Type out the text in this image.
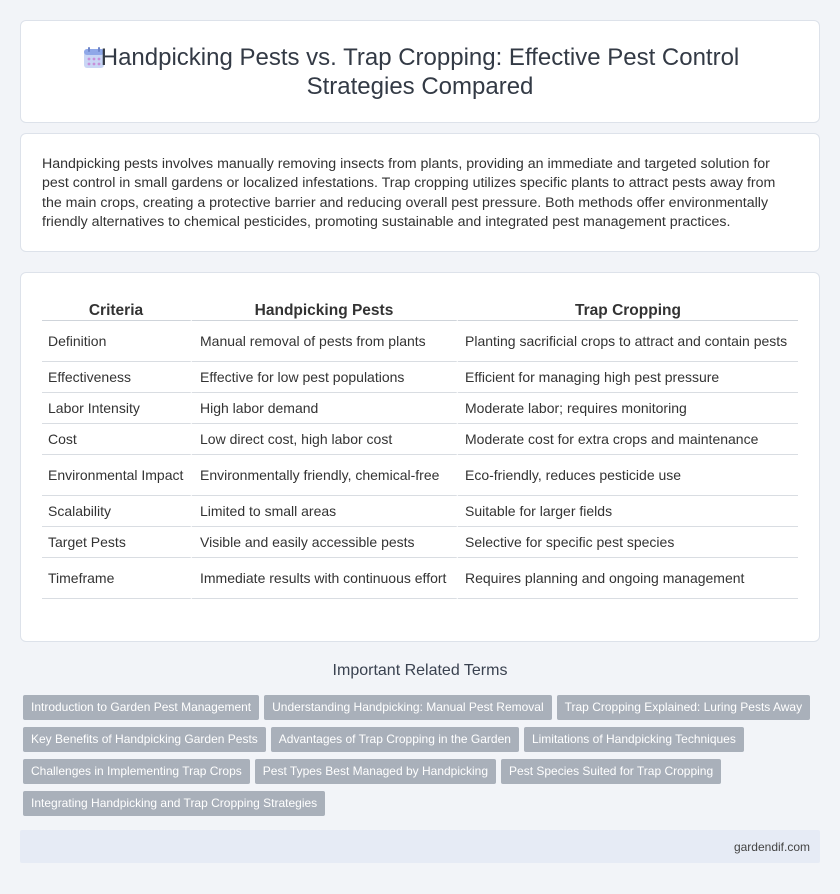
Handpicking Pests vs. Trap Cropping: Effective Pest Control
Strategies Compared

Handpicking pests involves manually removing insects from plants, providing an immediate and targeted solution for pest control in small gardens or localized infestations. Trap cropping utilizes specific plants to attract pests away from the main crops, creating a protective barrier and reducing overall pest pressure. Both methods offer environmentally friendly alternatives to chemical pesticides, promoting sustainable and integrated pest management practices.

Criteria	Handpicking Pests	Trap Cropping
Definition	Manual removal of pests from plants	Planting sacrificial crops to attract and contain pests
Effectiveness	Effective for low pest populations	Efficient for managing high pest pressure
Labor Intensity	High labor demand	Moderate labor; requires monitoring
Cost	Low direct cost, high labor cost	Moderate cost for extra crops and maintenance
Environmental Impact	Environmentally friendly, chemical-free	Eco-friendly, reduces pesticide use
Scalability	Limited to small areas	Suitable for larger fields
Target Pests	Visible and easily accessible pests	Selective for specific pest species
Timeframe	Immediate results with continuous effort	Requires planning and ongoing management
Important Related Terms
Introduction to Garden Pest Management Understanding Handpicking: Manual Pest Removal Trap Cropping Explained: Luring Pests Away
Key Benefits of Handpicking Garden Pests Advantages of Trap Cropping in the Garden Limitations of Handpicking Techniques
Challenges in Implementing Trap Crops Pest Types Best Managed by Handpicking Pest Species Suited for Trap Cropping
Integrating Handpicking and Trap Cropping Strategies
gardendif.com
